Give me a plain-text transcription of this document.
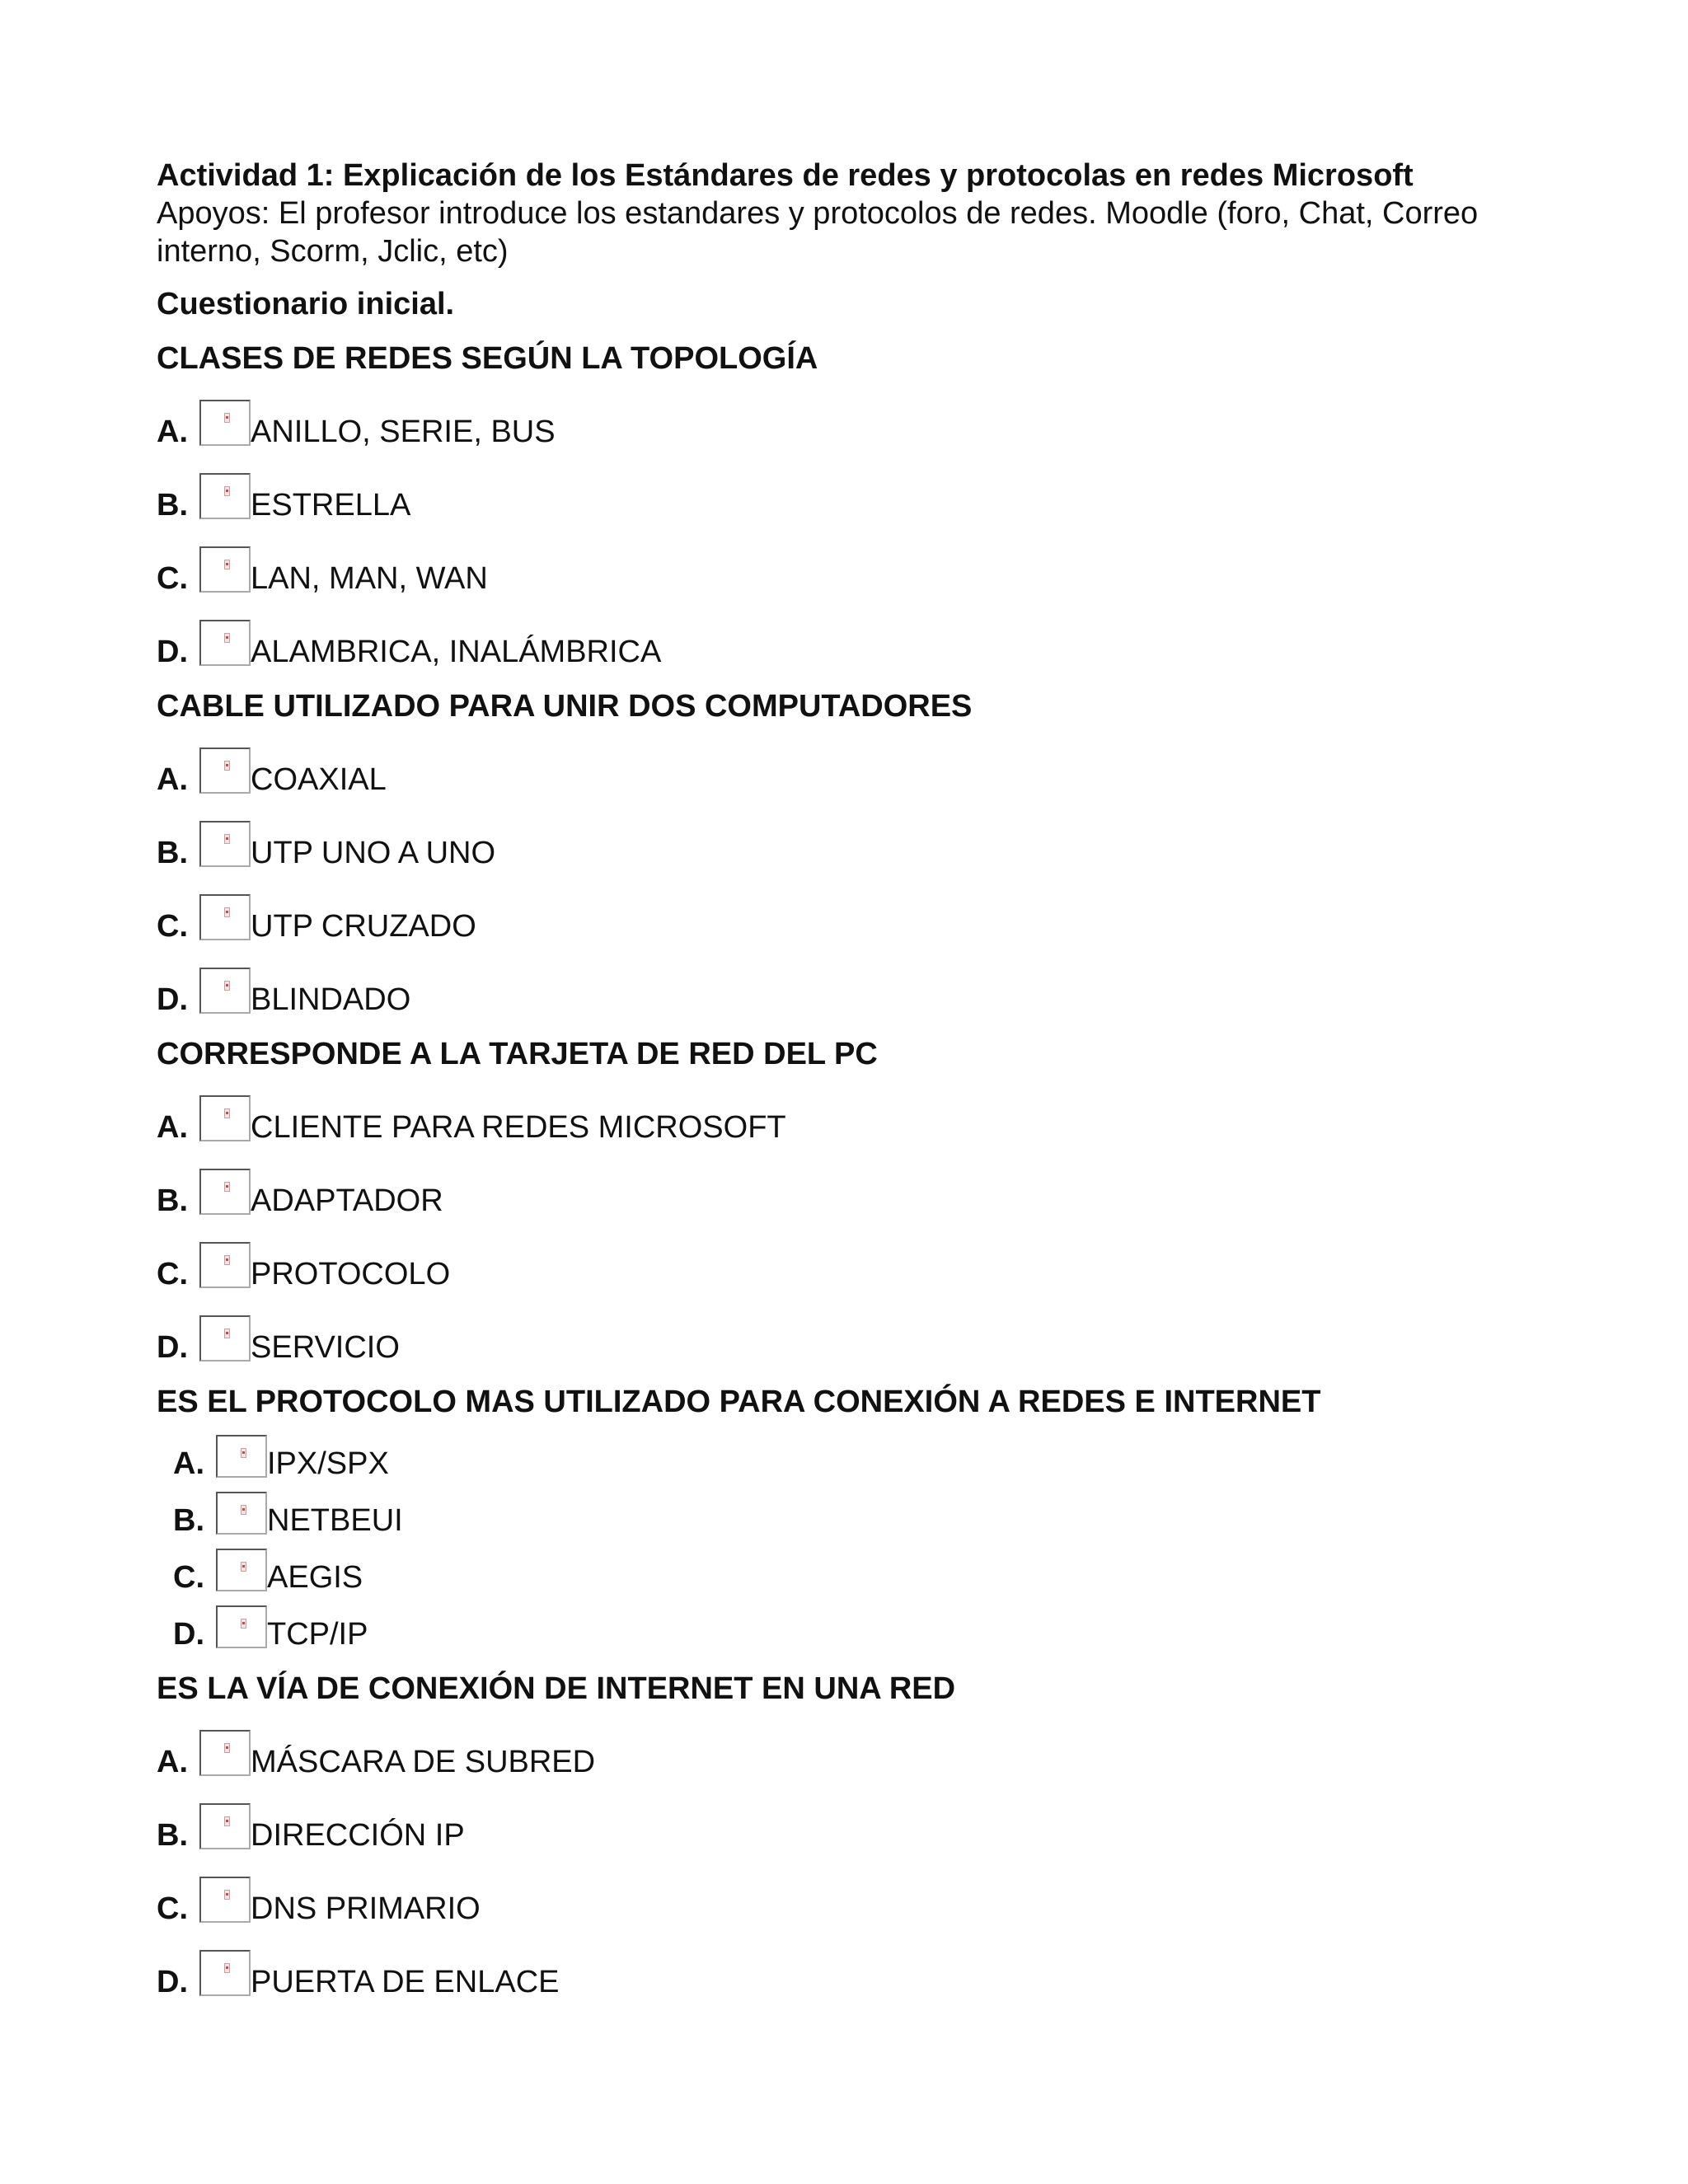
Actividad 1: Explicación de los Estándares de redes y protocolas en redes Microsoft
Apoyos: El profesor introduce los estandares y protocolos de redes. Moodle (foro, Chat, Correo interno, Scorm, Jclic, etc)
Cuestionario inicial.
CLASES DE REDES SEGÚN LA TOPOLOGÍA
A.	ANILLO, SERIE, BUS
B.	ESTRELLA
C.	LAN, MAN, WAN
D.	ALAMBRICA, INALÁMBRICA
CABLE UTILIZADO PARA UNIR DOS COMPUTADORES
A.	COAXIAL
B.	UTP UNO A UNO
C.	UTP CRUZADO
D.	BLINDADO
CORRESPONDE A LA TARJETA DE RED DEL PC
A.	CLIENTE PARA REDES MICROSOFT
B.	ADAPTADOR
C.	PROTOCOLO
D.	SERVICIO
ES EL PROTOCOLO MAS UTILIZADO PARA CONEXIÓN A REDES E INTERNET
A.	IPX/SPX
B.	NETBEUI
C.	AEGIS
D.	TCP/IP
ES LA VÍA DE CONEXIÓN DE INTERNET EN UNA RED
A.	MÁSCARA DE SUBRED
B.	DIRECCIÓN IP
C.	DNS PRIMARIO
D.	PUERTA DE ENLACE
